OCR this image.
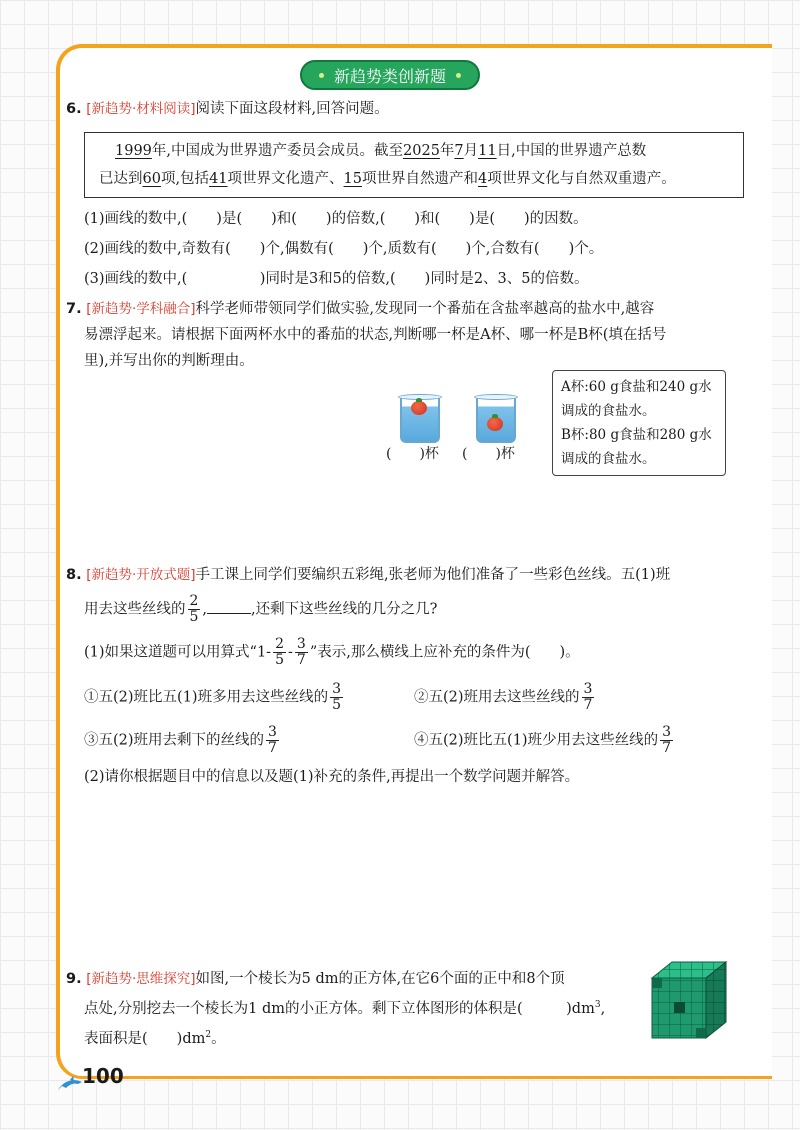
新趋势类创新题

6. [新趋势·材料阅读]阅读下面这段材料,回答问题。

1999年,中国成为世界遗产委员会成员。截至2025年7月11日,中国的世界遗产总数
已达到60项,包括41项世界文化遗产、15项世界自然遗产和4项世界文化与自然双重遗产。

(1)画线的数中,(　　)是(　　)和(　　)的倍数,(　　)和(　　)是(　　)的因数。

(2)画线的数中,奇数有(　　)个,偶数有(　　)个,质数有(　　)个,合数有(　　)个。

(3)画线的数中,(　　　　　)同时是3和5的倍数,(　　)同时是2、3、5的倍数。

7. [新趋势·学科融合]科学老师带领同学们做实验,发现同一个番茄在含盐率越高的盐水中,越容

易漂浮起来。请根据下面两杯水中的番茄的状态,判断哪一杯是A杯、哪一杯是B杯(填在括号

里),并写出你的判断理由。

(　　)杯 (　　)杯
A杯:60 g食盐和240 g水
调成的食盐水。
B杯:80 g食盐和280 g水
调成的食盐水。

8. [新趋势·开放式题]手工课上同学们要编织五彩绳,张老师为他们准备了一些彩色丝线。五(1)班

用去这些丝线的 $\frac{2}{5}$ ,	,还剩下这些丝线的几分之几?

(1)如果这道题可以用算式“$1- \frac{2}{5} - \frac{3}{7}$ ”表示,那么横线上应补充的条件为(　　)。

①五(2)班比五(1)班多用去这些丝线的 $\frac{3}{5}$	②五(2)班用去这些丝线的 $\frac{3}{7}$
③五(2)班用去剩下的丝线的 $\frac{3}{7}$	④五(2)班比五(1)班少用去这些丝线的 $\frac{3}{7}$

(2)请你根据题目中的信息以及题(1)补充的条件,再提出一个数学问题并解答。

9. [新趋势·思维探究]如图,一个棱长为5 dm的正方体,在它6个面的正中和8个顶

点处,分别挖去一个棱长为1 dm的小正方体。剩下立体图形的体积是(　　　)$dm^3$,

表面积是(　　)$dm^2$。

100
